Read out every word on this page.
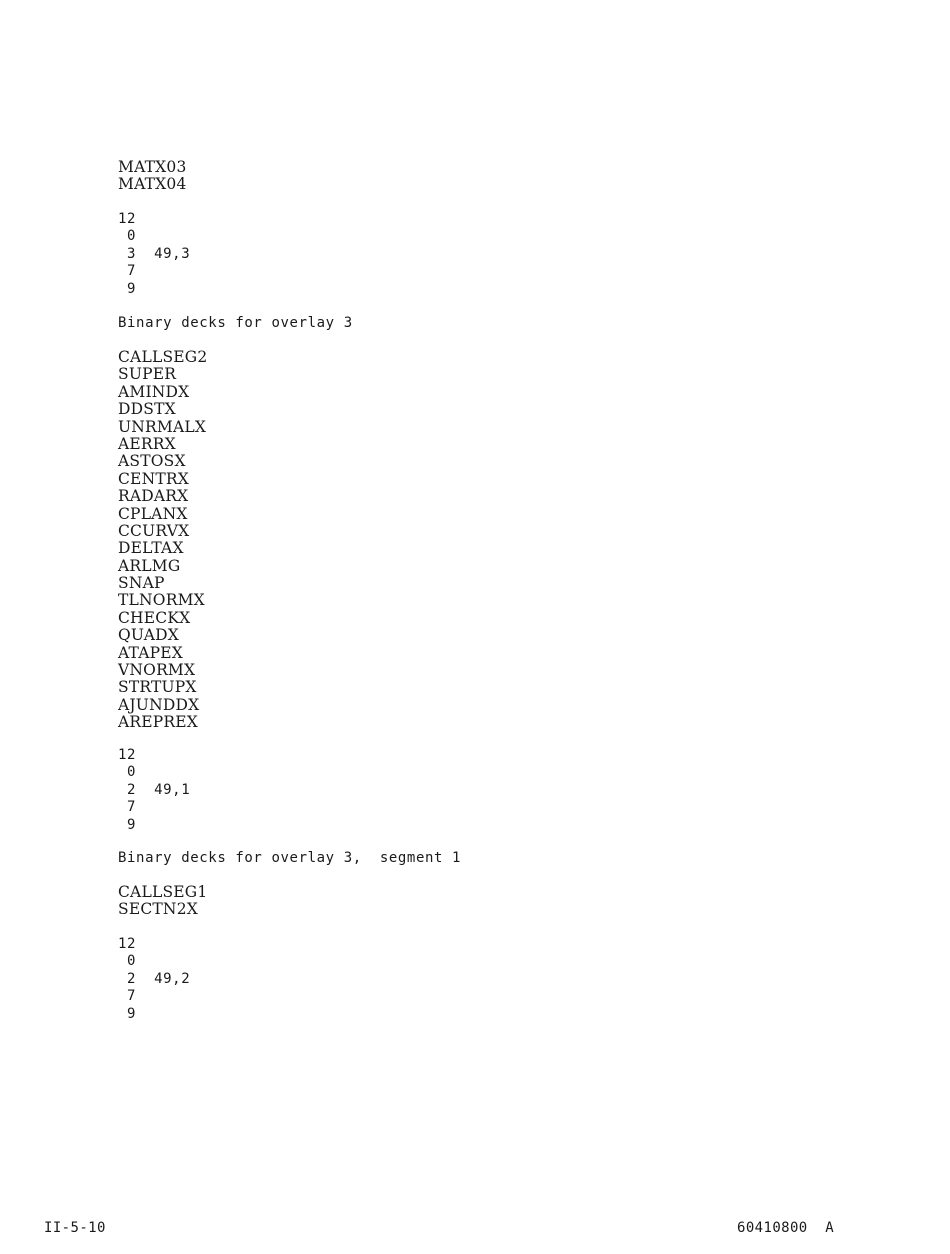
MATX03
MATX04
12
0
3  49,3
7
9
Binary decks for overlay 3
CALLSEG2
SUPER
AMINDX
DDSTX
UNRMALX
AERRX
ASTOSX
CENTRX
RADARX
CPLANX
CCURVX
DELTAX
ARLMG
SNAP
TLNORMX
CHECKX
QUADX
ATAPEX
VNORMX
STRTUPX
AJUNDDX
AREPREX
12
0
2  49,1
7
9
Binary decks for overlay 3,  segment 1
CALLSEG1
SECTN2X
12
0
2  49,2
7
9
II-5-10	60410800  A
